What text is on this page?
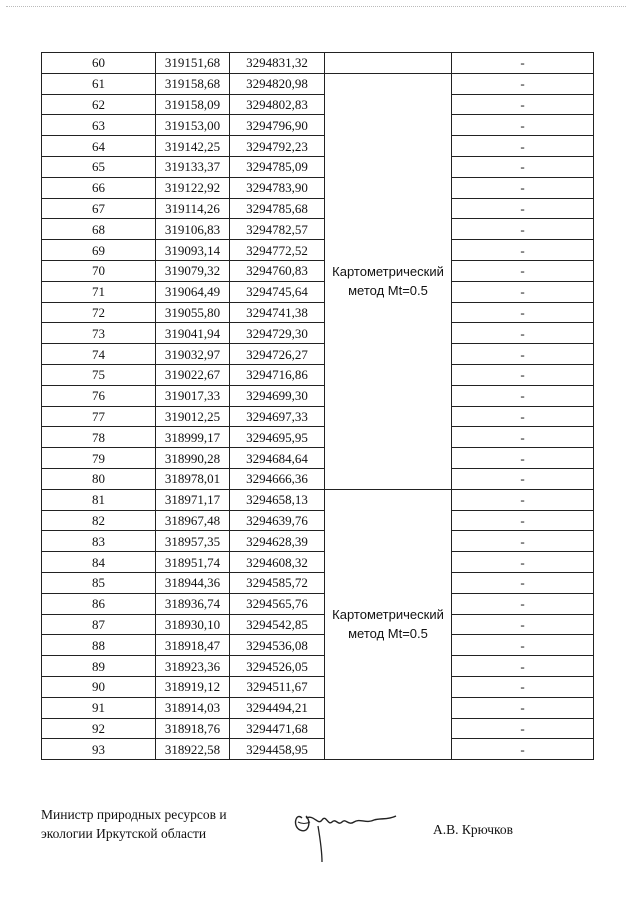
60	319151,68	3294831,32		-
61	319158,68	3294820,98	Картометрический
метод Mt=0.5	-
62	319158,09	3294802,83		-
63	319153,00	3294796,90		-
64	319142,25	3294792,23		-
65	319133,37	3294785,09		-
66	319122,92	3294783,90		-
67	319114,26	3294785,68		-
68	319106,83	3294782,57		-
69	319093,14	3294772,52		-
70	319079,32	3294760,83		-
71	319064,49	3294745,64		-
72	319055,80	3294741,38		-
73	319041,94	3294729,30		-
74	319032,97	3294726,27		-
75	319022,67	3294716,86		-
76	319017,33	3294699,30		-
77	319012,25	3294697,33		-
78	318999,17	3294695,95		-
79	318990,28	3294684,64		-
80	318978,01	3294666,36		-
81	318971,17	3294658,13	Картометрический
метод Mt=0.5	-
82	318967,48	3294639,76		-
83	318957,35	3294628,39		-
84	318951,74	3294608,32		-
85	318944,36	3294585,72		-
86	318936,74	3294565,76		-
87	318930,10	3294542,85		-
88	318918,47	3294536,08		-
89	318923,36	3294526,05		-
90	318919,12	3294511,67		-
91	318914,03	3294494,21		-
92	318918,76	3294471,68		-
93	318922,58	3294458,95		-
Министр природных ресурсов и
экологии Иркутской области	А.В. Крючков
